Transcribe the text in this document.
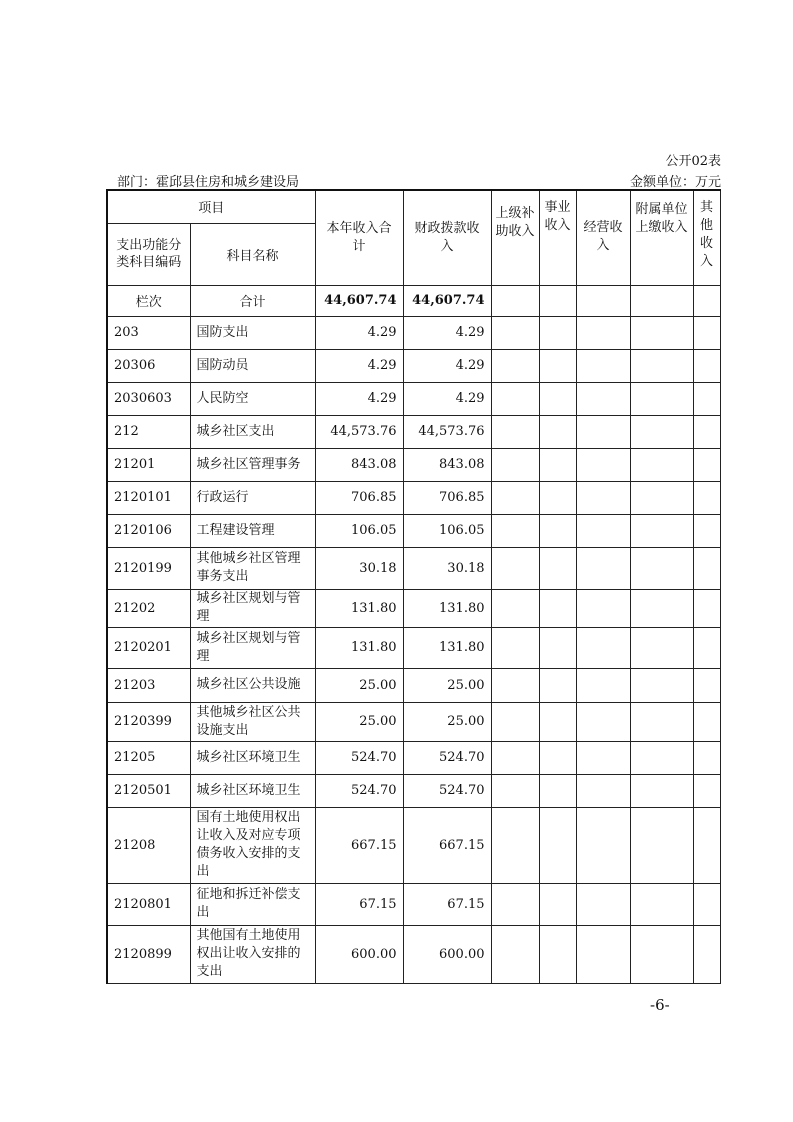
公开02表
部门：霍邱县住房和城乡建设局	金额单位：万元
项目		本年收入合计	财政拨款收入	上级补助收入	事业收入	经营收入	附属单位上缴收入	其他收入
支出功能分类科目编码	科目名称							
栏次	合计	44,607.74	44,607.74					
203	国防支出	4.29	4.29					
20306	国防动员	4.29	4.29					
2030603	人民防空	4.29	4.29					
212	城乡社区支出	44,573.76	44,573.76					
21201	城乡社区管理事务	843.08	843.08					
2120101	行政运行	706.85	706.85					
2120106	工程建设管理	106.05	106.05					
2120199	其他城乡社区管理事务支出	30.18	30.18					
21202	城乡社区规划与管理	131.80	131.80					
2120201	城乡社区规划与管理	131.80	131.80					
21203	城乡社区公共设施	25.00	25.00					
2120399	其他城乡社区公共设施支出	25.00	25.00					
21205	城乡社区环境卫生	524.70	524.70					
2120501	城乡社区环境卫生	524.70	524.70					
21208	国有土地使用权出让收入及对应专项债务收入安排的支出	667.15	667.15					
2120801	征地和拆迁补偿支出	67.15	67.15					
2120899	其他国有土地使用权出让收入安排的支出	600.00	600.00					
-6-
